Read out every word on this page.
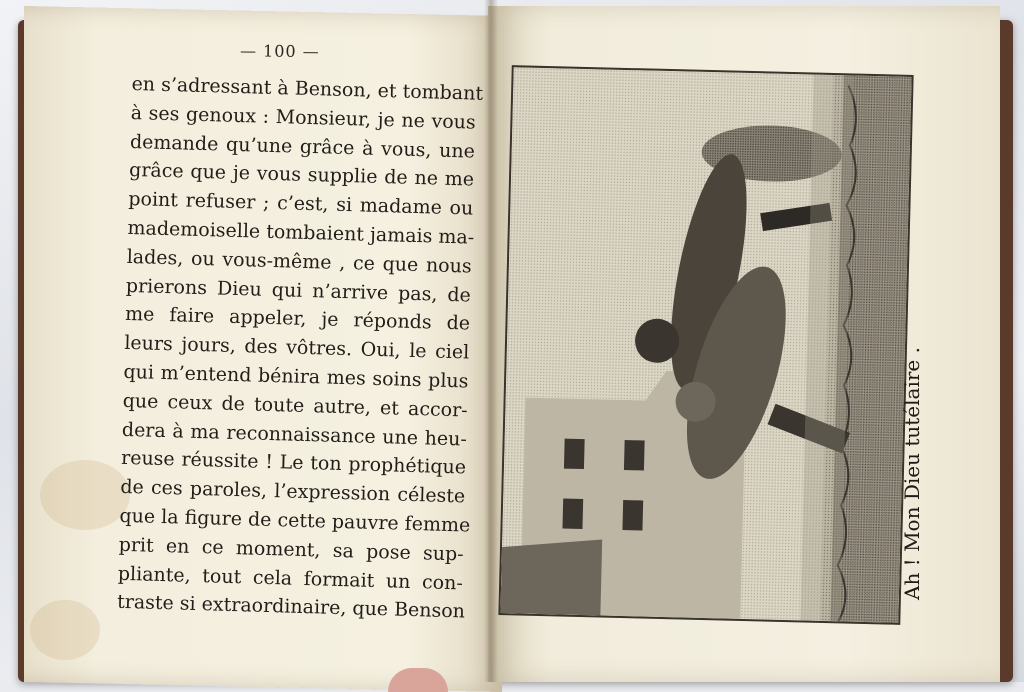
— 100 —
en s’adressant à Benson, et tombant
à ses genoux : Monsieur, je ne vous
demande qu’une grâce à vous, une
grâce que je vous supplie de ne me
point refuser ; c’est, si madame ou
mademoiselle tombaient jamais ma-
lades, ou vous-même , ce que nous
prierons Dieu qui n’arrive pas, de
me faire appeler, je réponds de
leurs jours, des vôtres. Oui, le ciel
qui m’entend bénira mes soins plus
que ceux de toute autre, et accor-
dera à ma reconnaissance une heu-
reuse réussite ! Le ton prophétique
de ces paroles, l’expression céleste
que la figure de cette pauvre femme
prit en ce moment, sa pose sup-
pliante, tout cela formait un con-
traste si extraordinaire, que Benson
Ah ! Mon Dieu tutélaire .
